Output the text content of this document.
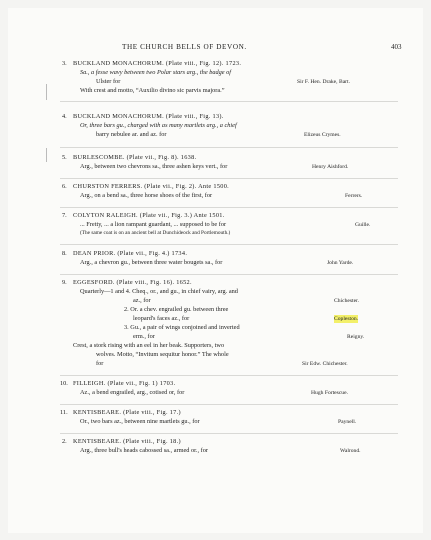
THE CHURCH BELLS OF DEVON.	403
3. BUCKLAND MONACHORUM. (Plate viii., Fig. 12). 1723.
Sa., a fesse wavy between two Polar stars arg., the badge of
Ulster for	Sir F. Hen. Drake, Bart.
With crest and motto, “Auxilio divino sic parvis majora.”
4. BUCKLAND MONACHORUM. (Plate viii., Fig. 13).
Or, three bars gu., charged with as many martlets arg., a chief
barry nebulee ar. and az. for	Elizeus Crymes.
5. BURLESCOMBE. (Plate vii., Fig. 8). 1638.
Arg., between two chevrons sa., three ashen keys vert., for	Henry Aishford.
6. CHURSTON FERRERS. (Plate vii., Fig. 2). Ante 1500.
Arg., on a bend sa., three horse shoes of the first, for	Ferrers.
7. COLYTON RALEIGH. (Plate vii., Fig. 3.) Ante 1501.
... Fretty, ... a lion rampant guardant, ... supposed to be for	Guille.
(The same coat is on an ancient bell at Dunchideock and Portlemouth.)
8. DEAN PRIOR. (Plate vii., Fig. 4.) 1734.
Arg., a chevron gu., between three water bougets sa., for	John Yarde.
9. EGGESFORD. (Plate viii., Fig. 16). 1652.
Quarterly—1 and 4. Cheq., or., and gu., in chief vairy, arg. and
az., for	Chichester.
2. Or. a chev. engrailed gu. between three
leopard's faces az., for	Copleston.
3. Gu., a pair of wings conjoined and inverted
erm., for	Reigny.
Crest, a stork rising with an eel in her beak. Supporters, two
wolves. Motto, “Invitum sequitur honor.” The whole
for	Sir Edw. Chichester.
10. FILLEIGH. (Plate vii., Fig. 1) 1703.
Az., a bend engrailed, arg., cotised or, for	Hugh Fortescue.
11. KENTISBEARE. (Plate viii., Fig. 17.)
Or., two bars az., between nine martlets gu., for	Paynell.
2. KENTISBEARE. (Plate viii., Fig. 18.)
Arg., three bull's heads cabossed sa., armed or., for	Walrond.
